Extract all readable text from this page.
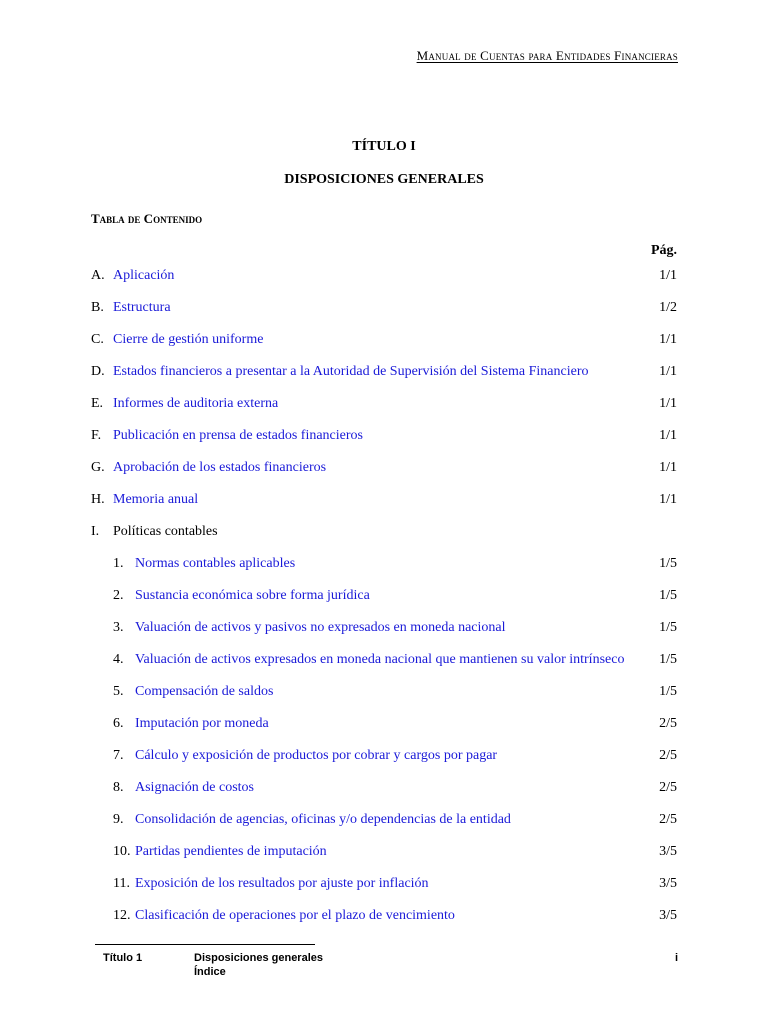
Manual de Cuentas para Entidades Financieras
TÍTULO I
DISPOSICIONES GENERALES
Tabla de Contenido
Pág.
A. Aplicación	1/1
B. Estructura	1/2
C. Cierre de gestión uniforme	1/1
D. Estados financieros a presentar a la Autoridad de Supervisión del Sistema Financiero	1/1
E. Informes de auditoria externa	1/1
F. Publicación en prensa de estados financieros	1/1
G. Aprobación de los estados financieros	1/1
H. Memoria anual	1/1
I. Políticas contables
1. Normas contables aplicables	1/5
2. Sustancia económica sobre forma jurídica	1/5
3. Valuación de activos y pasivos no expresados en moneda nacional	1/5
4. Valuación de activos expresados en moneda nacional que mantienen su valor intrínseco 1/5
5. Compensación de saldos	1/5
6. Imputación por moneda	2/5
7. Cálculo y exposición de productos por cobrar y cargos por pagar	2/5
8. Asignación de costos	2/5
9. Consolidación de agencias, oficinas y/o dependencias de la entidad	2/5
10. Partidas pendientes de imputación	3/5
11. Exposición de los resultados por ajuste por inflación	3/5
12. Clasificación de operaciones por el plazo de vencimiento	3/5
Título 1	Disposiciones generales
Índice
i
